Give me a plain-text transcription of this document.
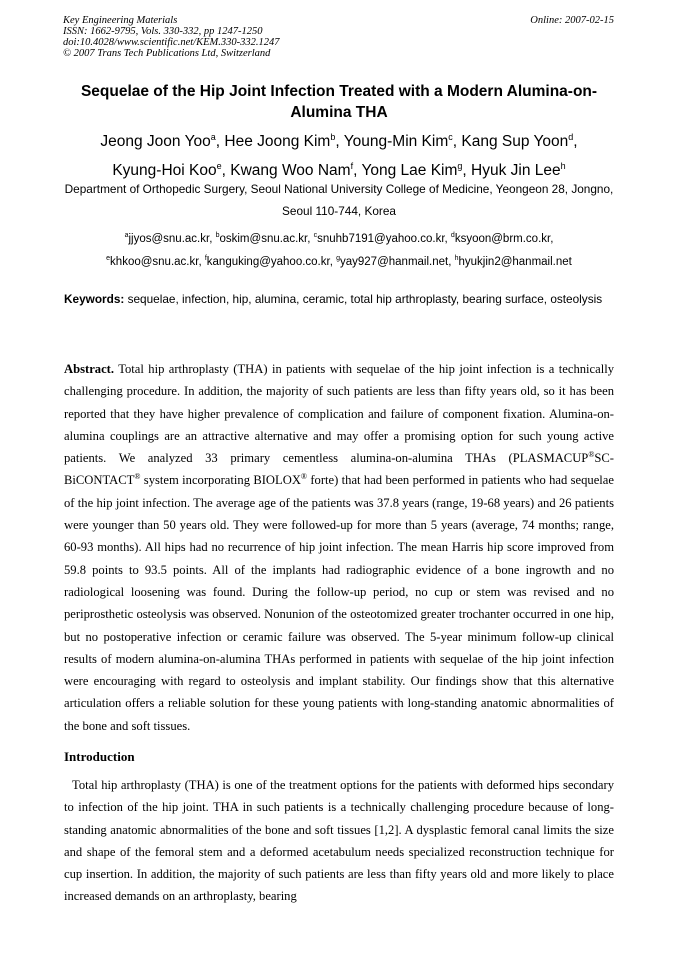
Key Engineering Materials
ISSN: 1662-9795, Vols. 330-332, pp 1247-1250
doi:10.4028/www.scientific.net/KEM.330-332.1247
© 2007 Trans Tech Publications Ltd, Switzerland
Online: 2007-02-15
Sequelae of the Hip Joint Infection Treated with a Modern Alumina-on-Alumina THA
Jeong Joon Yoo$^a$, Hee Joong Kim$^b$, Young-Min Kim$^c$, Kang Sup Yoon$^d$,
Kyung-Hoi Koo$^e$, Kwang Woo Nam$^f$, Yong Lae Kim$^g$, Hyuk Jin Lee$^h$
Department of Orthopedic Surgery, Seoul National University College of Medicine, Yeongeon 28, Jongno, Seoul 110-744, Korea
$^a$jjyos@snu.ac.kr, $^b$oskim@snu.ac.kr, $^c$snuhb7191@yahoo.co.kr, $^d$ksyoon@brm.co.kr,
$^e$khkoo@snu.ac.kr, $^f$kanguking@yahoo.co.kr, $^g$yay927@hanmail.net, $^h$hyukjin2@hanmail.net
Keywords: sequelae, infection, hip, alumina, ceramic, total hip arthroplasty, bearing surface, osteolysis
Abstract. Total hip arthroplasty (THA) in patients with sequelae of the hip joint infection is a technically challenging procedure. In addition, the majority of such patients are less than fifty years old, so it has been reported that they have higher prevalence of complication and failure of component fixation. Alumina-on-alumina couplings are an attractive alternative and may offer a promising option for such young active patients. We analyzed 33 primary cementless alumina-on-alumina THAs (PLASMACUP®SC-BiCONTACT® system incorporating BIOLOX® forte) that had been performed in patients who had sequelae of the hip joint infection. The average age of the patients was 37.8 years (range, 19-68 years) and 26 patients were younger than 50 years old. They were followed-up for more than 5 years (average, 74 months; range, 60-93 months). All hips had no recurrence of hip joint infection. The mean Harris hip score improved from 59.8 points to 93.5 points. All of the implants had radiographic evidence of a bone ingrowth and no radiological loosening was found. During the follow-up period, no cup or stem was revised and no periprosthetic osteolysis was observed. Nonunion of the osteotomized greater trochanter occurred in one hip, but no postoperative infection or ceramic failure was observed. The 5-year minimum follow-up clinical results of modern alumina-on-alumina THAs performed in patients with sequelae of the hip joint infection were encouraging with regard to osteolysis and implant stability. Our findings show that this alternative articulation offers a reliable solution for these young patients with long-standing anatomic abnormalities of the bone and soft tissues.
Introduction
Total hip arthroplasty (THA) is one of the treatment options for the patients with deformed hips secondary to infection of the hip joint. THA in such patients is a technically challenging procedure because of long-standing anatomic abnormalities of the bone and soft tissues [1,2]. A dysplastic femoral canal limits the size and shape of the femoral stem and a deformed acetabulum needs specialized reconstruction technique for cup insertion. In addition, the majority of such patients are less than fifty years old and more likely to place increased demands on an arthroplasty, bearing
